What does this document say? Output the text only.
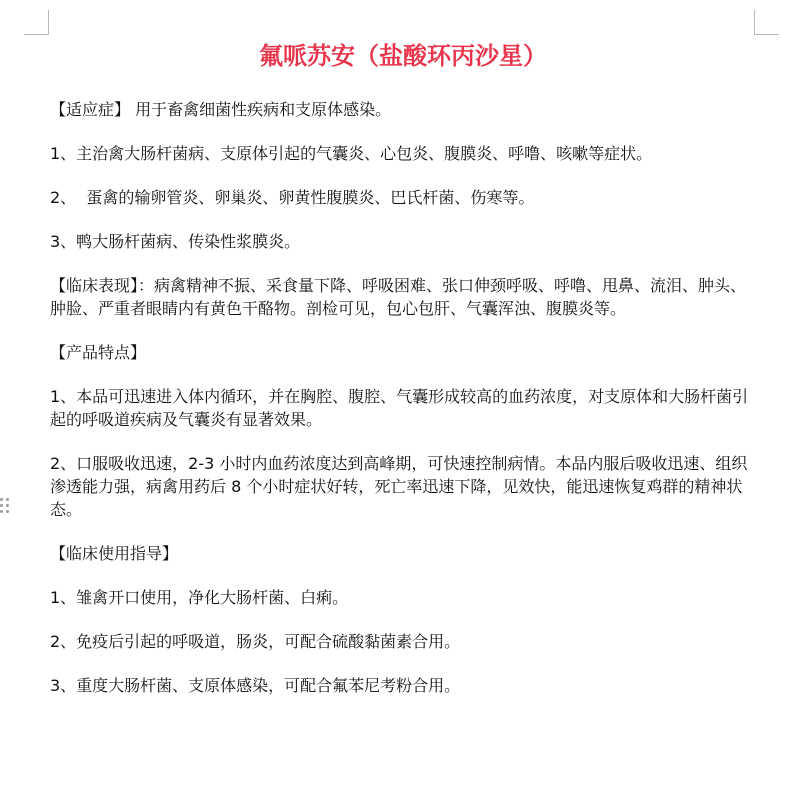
氟哌苏安（盐酸环丙沙星）

【适应症】 用于畜禽细菌性疾病和支原体感染。

1、主治禽大肠杆菌病、支原体引起的气囊炎、心包炎、腹膜炎、呼噜、咳嗽等症状。

2、  蛋禽的输卵管炎、卵巢炎、卵黄性腹膜炎、巴氏杆菌、伤寒等。

3、鸭大肠杆菌病、传染性浆膜炎。

【临床表现】：病禽精神不振、采食量下降、呼吸困难、张口伸颈呼吸、呼噜、甩鼻、流泪、肿头、肿脸、严重者眼睛内有黄色干酪物。剖检可见，包心包肝、气囊浑浊、腹膜炎等。

【产品特点】

1、本品可迅速进入体内循环，并在胸腔、腹腔、气囊形成较高的血药浓度，对支原体和大肠杆菌引起的呼吸道疾病及气囊炎有显著效果。

2、口服吸收迅速，2-3 小时内血药浓度达到高峰期，可快速控制病情。本品内服后吸收迅速、组织渗透能力强，病禽用药后 8 个小时症状好转，死亡率迅速下降，见效快，能迅速恢复鸡群的精神状态。

【临床使用指导】

1、雏禽开口使用，净化大肠杆菌、白痢。

2、免疫后引起的呼吸道，肠炎，可配合硫酸黏菌素合用。

3、重度大肠杆菌、支原体感染，可配合氟苯尼考粉合用。
